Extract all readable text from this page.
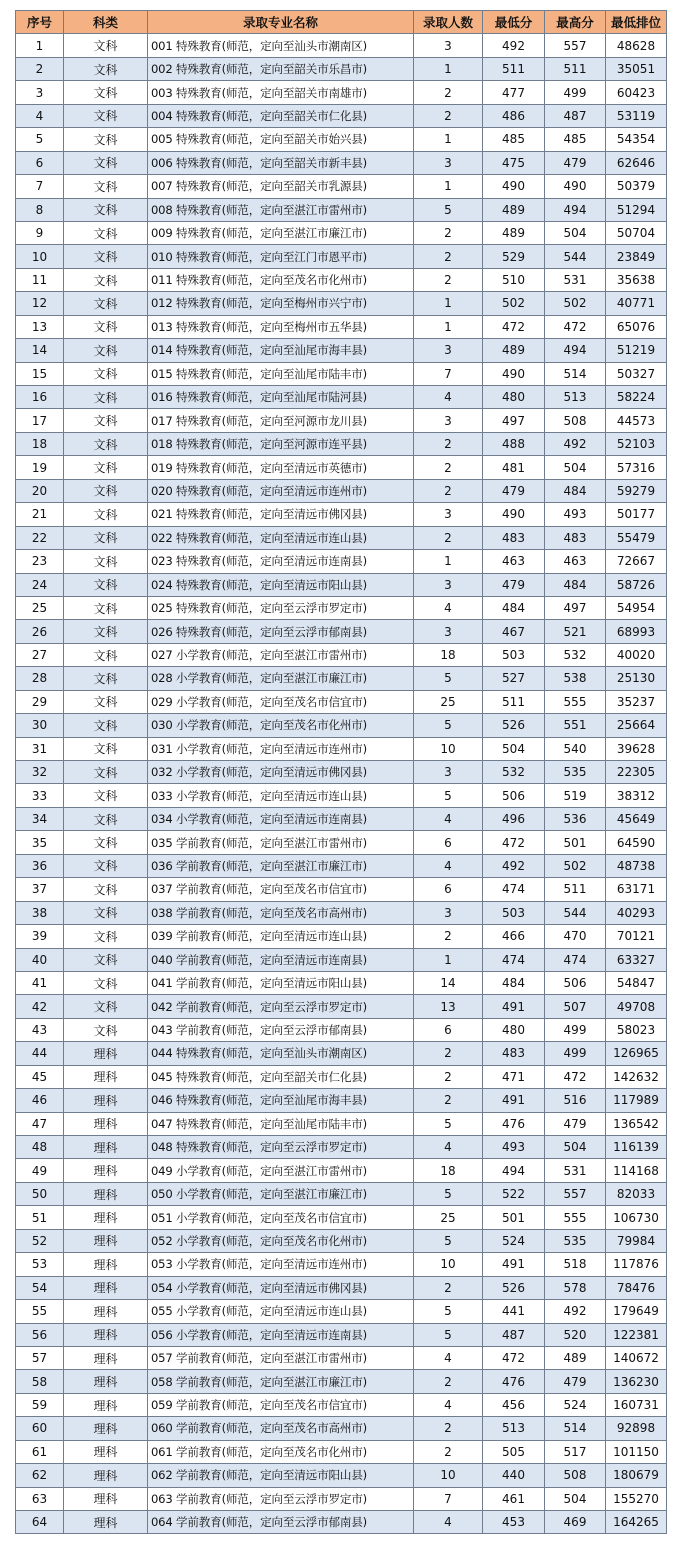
序号	科类	录取专业名称	录取人数	最低分	最高分	最低排位
1	文科	001 特殊教育(师范，定向至汕头市潮南区)	3	492	557	48628
2	文科	002 特殊教育(师范，定向至韶关市乐昌市)	1	511	511	35051
3	文科	003 特殊教育(师范，定向至韶关市南雄市)	2	477	499	60423
4	文科	004 特殊教育(师范，定向至韶关市仁化县)	2	486	487	53119
5	文科	005 特殊教育(师范，定向至韶关市始兴县)	1	485	485	54354
6	文科	006 特殊教育(师范，定向至韶关市新丰县)	3	475	479	62646
7	文科	007 特殊教育(师范，定向至韶关市乳源县)	1	490	490	50379
8	文科	008 特殊教育(师范，定向至湛江市雷州市)	5	489	494	51294
9	文科	009 特殊教育(师范，定向至湛江市廉江市)	2	489	504	50704
10	文科	010 特殊教育(师范，定向至江门市恩平市)	2	529	544	23849
11	文科	011 特殊教育(师范，定向至茂名市化州市)	2	510	531	35638
12	文科	012 特殊教育(师范，定向至梅州市兴宁市)	1	502	502	40771
13	文科	013 特殊教育(师范，定向至梅州市五华县)	1	472	472	65076
14	文科	014 特殊教育(师范，定向至汕尾市海丰县)	3	489	494	51219
15	文科	015 特殊教育(师范，定向至汕尾市陆丰市)	7	490	514	50327
16	文科	016 特殊教育(师范，定向至汕尾市陆河县)	4	480	513	58224
17	文科	017 特殊教育(师范，定向至河源市龙川县)	3	497	508	44573
18	文科	018 特殊教育(师范，定向至河源市连平县)	2	488	492	52103
19	文科	019 特殊教育(师范，定向至清远市英德市)	2	481	504	57316
20	文科	020 特殊教育(师范，定向至清远市连州市)	2	479	484	59279
21	文科	021 特殊教育(师范，定向至清远市佛冈县)	3	490	493	50177
22	文科	022 特殊教育(师范，定向至清远市连山县)	2	483	483	55479
23	文科	023 特殊教育(师范，定向至清远市连南县)	1	463	463	72667
24	文科	024 特殊教育(师范，定向至清远市阳山县)	3	479	484	58726
25	文科	025 特殊教育(师范，定向至云浮市罗定市)	4	484	497	54954
26	文科	026 特殊教育(师范，定向至云浮市郁南县)	3	467	521	68993
27	文科	027 小学教育(师范，定向至湛江市雷州市)	18	503	532	40020
28	文科	028 小学教育(师范，定向至湛江市廉江市)	5	527	538	25130
29	文科	029 小学教育(师范，定向至茂名市信宜市)	25	511	555	35237
30	文科	030 小学教育(师范，定向至茂名市化州市)	5	526	551	25664
31	文科	031 小学教育(师范，定向至清远市连州市)	10	504	540	39628
32	文科	032 小学教育(师范，定向至清远市佛冈县)	3	532	535	22305
33	文科	033 小学教育(师范，定向至清远市连山县)	5	506	519	38312
34	文科	034 小学教育(师范，定向至清远市连南县)	4	496	536	45649
35	文科	035 学前教育(师范，定向至湛江市雷州市)	6	472	501	64590
36	文科	036 学前教育(师范，定向至湛江市廉江市)	4	492	502	48738
37	文科	037 学前教育(师范，定向至茂名市信宜市)	6	474	511	63171
38	文科	038 学前教育(师范，定向至茂名市高州市)	3	503	544	40293
39	文科	039 学前教育(师范，定向至清远市连山县)	2	466	470	70121
40	文科	040 学前教育(师范，定向至清远市连南县)	1	474	474	63327
41	文科	041 学前教育(师范，定向至清远市阳山县)	14	484	506	54847
42	文科	042 学前教育(师范，定向至云浮市罗定市)	13	491	507	49708
43	文科	043 学前教育(师范，定向至云浮市郁南县)	6	480	499	58023
44	理科	044 特殊教育(师范，定向至汕头市潮南区)	2	483	499	126965
45	理科	045 特殊教育(师范，定向至韶关市仁化县)	2	471	472	142632
46	理科	046 特殊教育(师范，定向至汕尾市海丰县)	2	491	516	117989
47	理科	047 特殊教育(师范，定向至汕尾市陆丰市)	5	476	479	136542
48	理科	048 特殊教育(师范，定向至云浮市罗定市)	4	493	504	116139
49	理科	049 小学教育(师范，定向至湛江市雷州市)	18	494	531	114168
50	理科	050 小学教育(师范，定向至湛江市廉江市)	5	522	557	82033
51	理科	051 小学教育(师范，定向至茂名市信宜市)	25	501	555	106730
52	理科	052 小学教育(师范，定向至茂名市化州市)	5	524	535	79984
53	理科	053 小学教育(师范，定向至清远市连州市)	10	491	518	117876
54	理科	054 小学教育(师范，定向至清远市佛冈县)	2	526	578	78476
55	理科	055 小学教育(师范，定向至清远市连山县)	5	441	492	179649
56	理科	056 小学教育(师范，定向至清远市连南县)	5	487	520	122381
57	理科	057 学前教育(师范，定向至湛江市雷州市)	4	472	489	140672
58	理科	058 学前教育(师范，定向至湛江市廉江市)	2	476	479	136230
59	理科	059 学前教育(师范，定向至茂名市信宜市)	4	456	524	160731
60	理科	060 学前教育(师范，定向至茂名市高州市)	2	513	514	92898
61	理科	061 学前教育(师范，定向至茂名市化州市)	2	505	517	101150
62	理科	062 学前教育(师范，定向至清远市阳山县)	10	440	508	180679
63	理科	063 学前教育(师范，定向至云浮市罗定市)	7	461	504	155270
64	理科	064 学前教育(师范，定向至云浮市郁南县)	4	453	469	164265
